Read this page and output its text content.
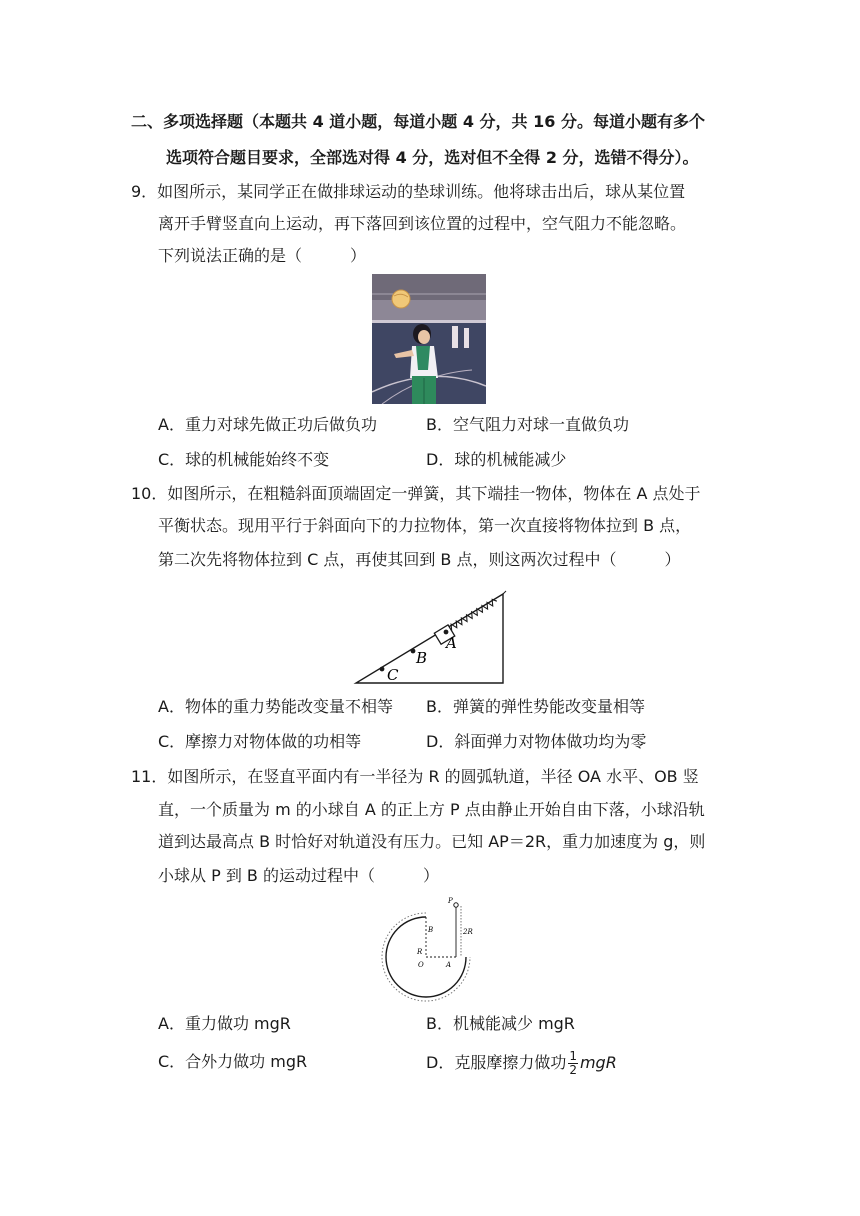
二、多项选择题（本题共 4 道小题，每道小题 4 分，共 16 分。每道小题有多个
选项符合题目要求，全部选对得 4 分，选对但不全得 2 分，选错不得分）。
9．如图所示，某同学正在做排球运动的垫球训练。他将球击出后，球从某位置
离开手臂竖直向上运动，再下落回到该位置的过程中，空气阻力不能忽略。
下列说法正确的是（　　　）
A．重力对球先做正功后做负功	B．空气阻力对球一直做负功
C．球的机械能始终不变	D．球的机械能减少
10．如图所示，在粗糙斜面顶端固定一弹簧，其下端挂一物体，物体在 A 点处于
平衡状态。现用平行于斜面向下的力拉物体，第一次直接将物体拉到 B 点，
第二次先将物体拉到 C 点，再使其回到 B 点，则这两次过程中（　　　）
A
B
C
A．物体的重力势能改变量不相等 B．弹簧的弹性势能改变量相等
C．摩擦力对物体做的功相等	D．斜面弹力对物体做功均为零
11．如图所示，在竖直平面内有一半径为 R 的圆弧轨道，半径 OA 水平、OB 竖
直，一个质量为 m 的小球自 A 的正上方 P 点由静止开始自由下落，小球沿轨
道到达最高点 B 时恰好对轨道没有压力。已知 AP＝2R，重力加速度为 g，则
小球从 P 到 B 的运动过程中（　　　）
P
B
R
O	A
2R
A．重力做功 mgR	B．机械能减少 mgR
C．合外力做功 mgR	D．克服摩擦力做功 $\frac{1}{2}$ mgR
